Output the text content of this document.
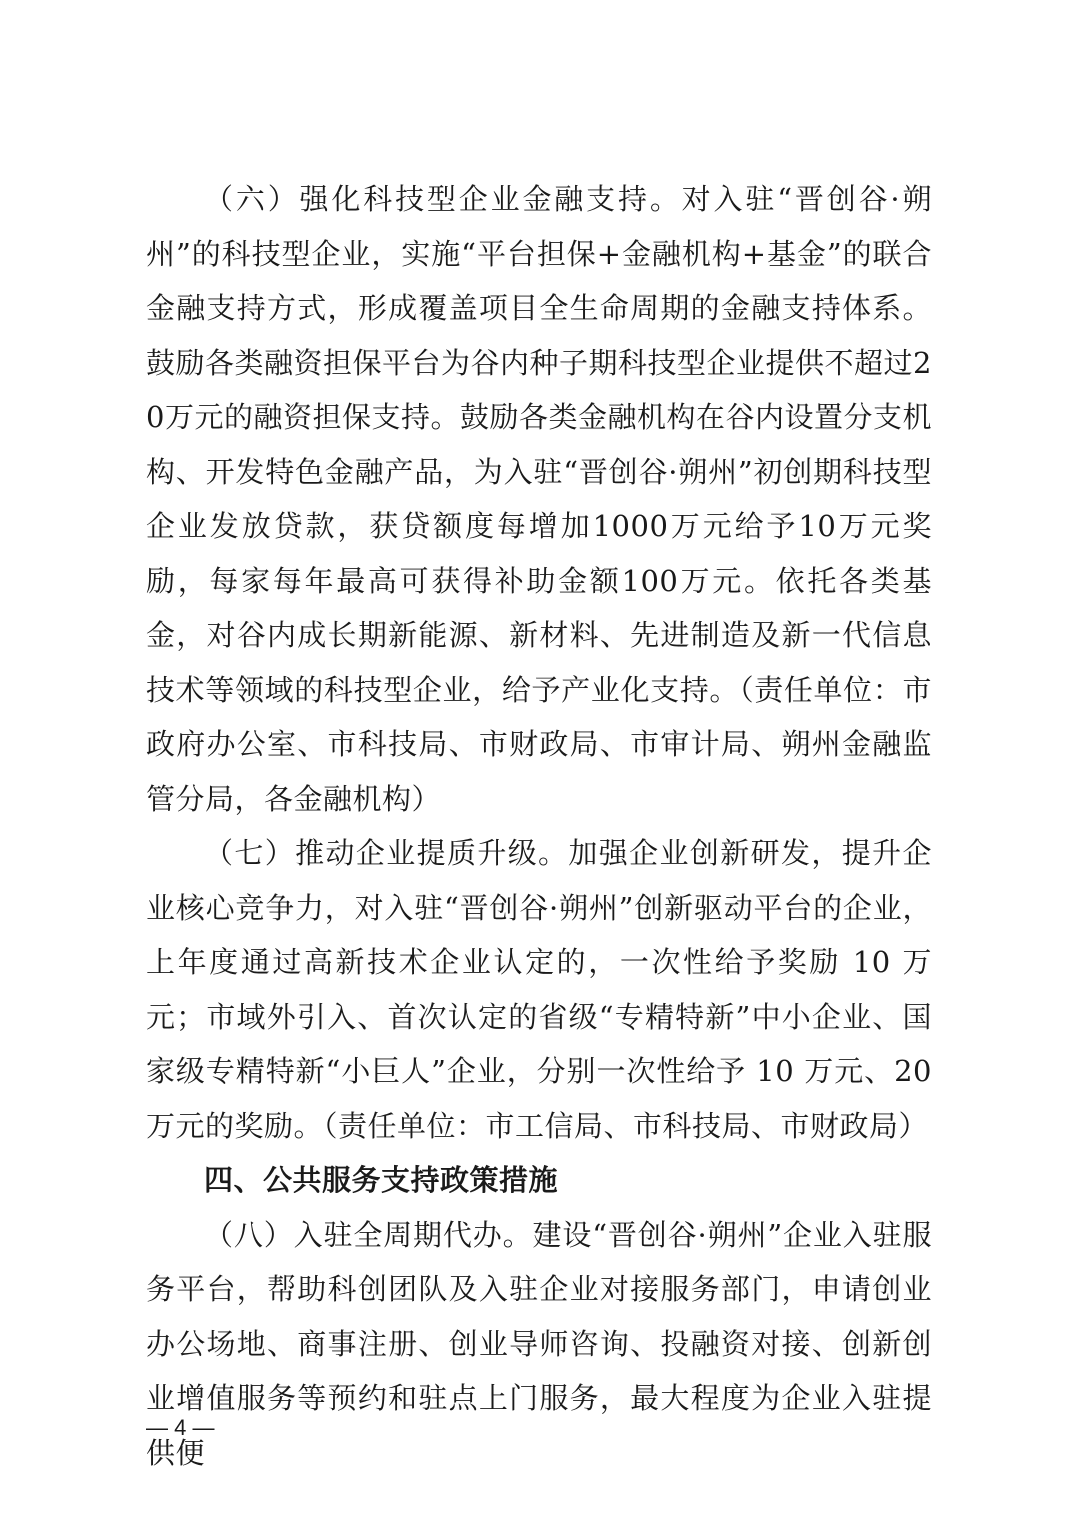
（六）强化科技型企业金融支持。对入驻“晋创谷·朔州”的科技型企业，实施“平台担保+金融机构+基金”的联合金融支持方式，形成覆盖项目全生命周期的金融支持体系。鼓励各类融资担保平台为谷内种子期科技型企业提供不超过20万元的融资担保支持。鼓励各类金融机构在谷内设置分支机构、开发特色金融产品，为入驻“晋创谷·朔州”初创期科技型企业发放贷款，获贷额度每增加1000万元给予10万元奖励，每家每年最高可获得补助金额100万元。依托各类基金，对谷内成长期新能源、新材料、先进制造及新一代信息技术等领域的科技型企业，给予产业化支持。（责任单位：市政府办公室、市科技局、市财政局、市审计局、朔州金融监管分局，各金融机构）

（七）推动企业提质升级。加强企业创新研发，提升企业核心竞争力，对入驻“晋创谷·朔州”创新驱动平台的企业，上年度通过高新技术企业认定的，一次性给予奖励 10 万元；市域外引入、首次认定的省级“专精特新”中小企业、国家级专精特新“小巨人”企业，分别一次性给予 10 万元、20 万元的奖励。（责任单位：市工信局、市科技局、市财政局）

四、公共服务支持政策措施

（八）入驻全周期代办。建设“晋创谷·朔州”企业入驻服务平台，帮助科创团队及入驻企业对接服务部门，申请创业办公场地、商事注册、创业导师咨询、投融资对接、创新创业增值服务等预约和驻点上门服务，最大程度为企业入驻提供便

— 4 —
